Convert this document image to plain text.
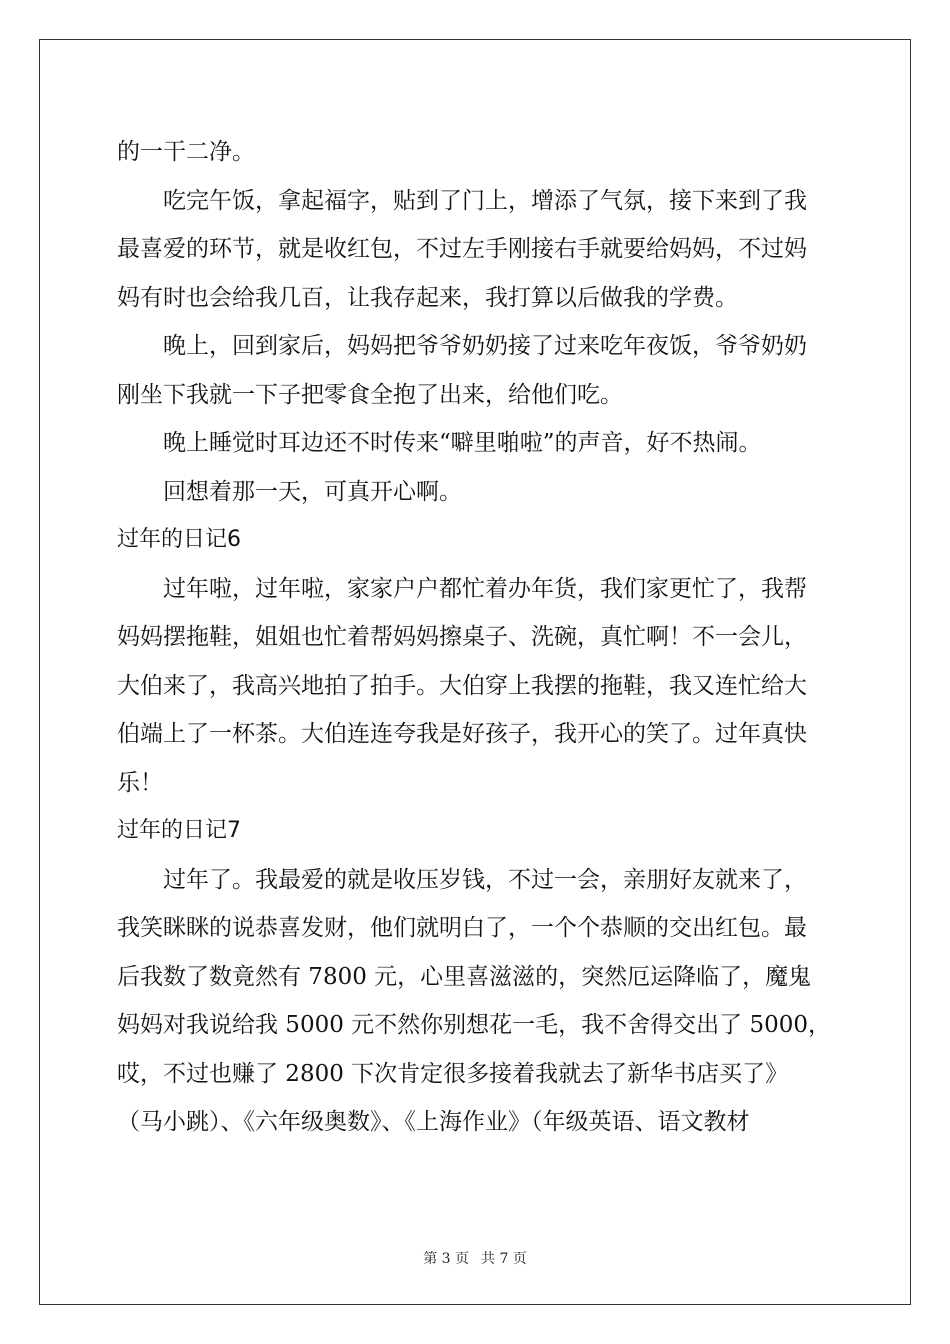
的一干二净。
吃完午饭，拿起福字，贴到了门上，增添了气氛，接下来到了我
最喜爱的环节，就是收红包，不过左手刚接右手就要给妈妈，不过妈
妈有时也会给我几百，让我存起来，我打算以后做我的学费。
晚上，回到家后，妈妈把爷爷奶奶接了过来吃年夜饭，爷爷奶奶
刚坐下我就一下子把零食全抱了出来，给他们吃。
晚上睡觉时耳边还不时传来“噼里啪啦”的声音，好不热闹。
回想着那一天，可真开心啊。
过年的日记6
过年啦，过年啦，家家户户都忙着办年货，我们家更忙了，我帮
妈妈摆拖鞋，姐姐也忙着帮妈妈擦桌子、洗碗，真忙啊！不一会儿，
大伯来了，我高兴地拍了拍手。大伯穿上我摆的拖鞋，我又连忙给大
伯端上了一杯茶。大伯连连夸我是好孩子，我开心的笑了。过年真快
乐！
过年的日记7
过年了。我最爱的就是收压岁钱，不过一会，亲朋好友就来了，
我笑眯眯的说恭喜发财，他们就明白了，一个个恭顺的交出红包。最
后我数了数竟然有 7800 元，心里喜滋滋的，突然厄运降临了，魔鬼
妈妈对我说给我 5000 元不然你别想花一毛，我不舍得交出了 5000，
哎，不过也赚了 2800 下次肯定很多接着我就去了新华书店买了》
（马小跳）、《六年级奥数》、《上海作业》（年级英语、语文教材
第 3 页 共 7 页
